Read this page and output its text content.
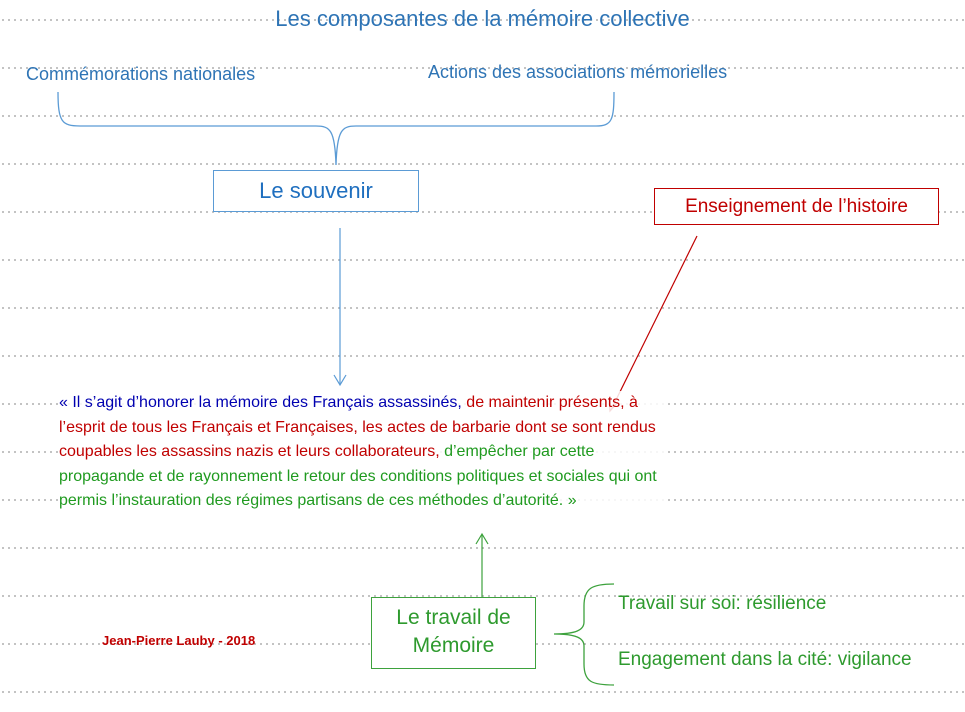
Les composantes de la mémoire collective
Commémorations nationales	Actions des associations mémorielles
Le souvenir
Enseignement de l’histoire
« Il s’agit d’honorer la mémoire des Français assassinés, de maintenir présents, à l’esprit de tous les Français et Françaises, les actes de barbarie dont se sont rendus coupables les assassins nazis et leurs collaborateurs, d’empêcher par cette propagande et de rayonnement le retour des conditions politiques et sociales qui ont permis l’instauration des régimes partisans de ces méthodes d’autorité. »
Le travail de
Mémoire
Travail sur soi: résilience
Engagement dans la cité: vigilance
Jean-Pierre Lauby - 2018
